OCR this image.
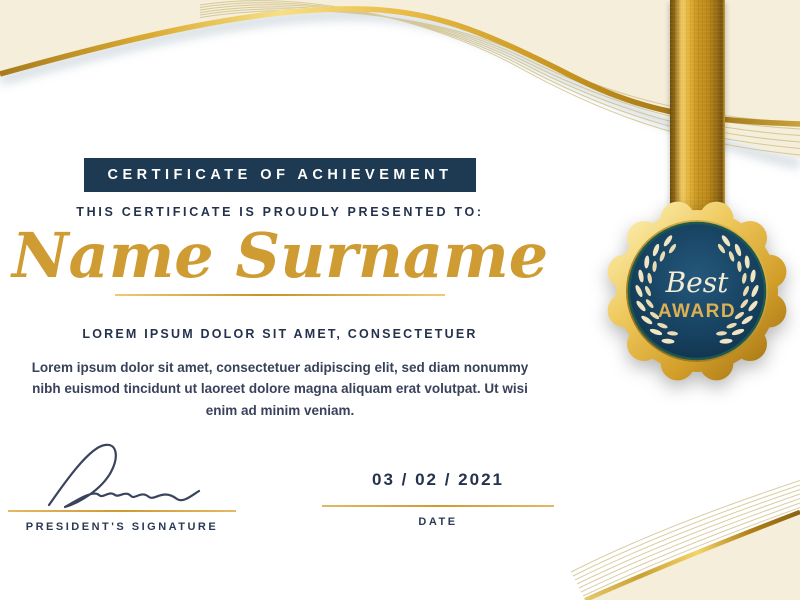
Best
AWARD
CERTIFICATE OF ACHIEVEMENT
THIS CERTIFICATE IS PROUDLY PRESENTED TO:
Name Surname
LOREM IPSUM DOLOR SIT AMET, CONSECTETUER
Lorem ipsum dolor sit amet, consectetuer adipiscing elit, sed diam nonummy
nibh euismod tincidunt ut laoreet dolore magna aliquam erat volutpat. Ut wisi
enim ad minim veniam.
PRESIDENT'S SIGNATURE
03 / 02 / 2021
DATE
